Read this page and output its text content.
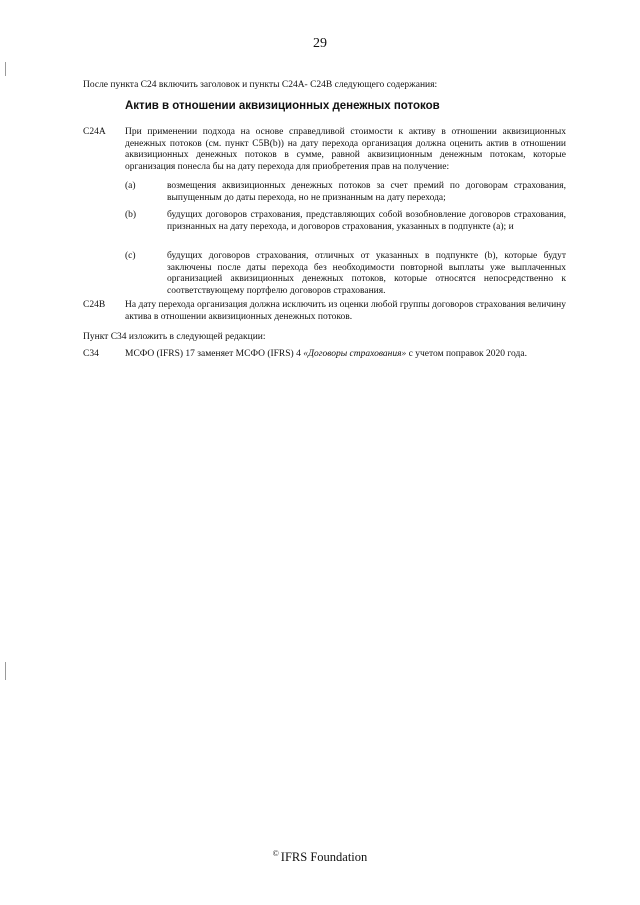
29
После пункта С24 включить заголовок и пункты С24А- С24В следующего содержания:
Актив в отношении аквизиционных денежных потоков
С24А	При применении подхода на основе справедливой стоимости к активу в отношении аквизиционных денежных потоков (см. пункт С5В(b)) на дату перехода организация должна оценить актив в отношении аквизиционных денежных потоков в сумме, равной аквизиционным денежным потокам, которые организация понесла бы на дату перехода для приобретения прав на получение:
(а)	возмещения аквизиционных денежных потоков за счет премий по договорам страхования, выпущенным до даты перехода, но не признанным на дату перехода;
(b)	будущих договоров страхования, представляющих собой возобновление договоров страхования, признанных на дату перехода, и договоров страхования, указанных в подпункте (а); и
(с)	будущих договоров страхования, отличных от указанных в подпункте (b), которые будут заключены после даты перехода без необходимости повторной выплаты уже выплаченных организацией аквизиционных денежных потоков, которые относятся непосредственно к соответствующему портфелю договоров страхования.
С24В	На дату перехода организация должна исключить из оценки любой группы договоров страхования величину актива в отношении аквизиционных денежных потоков.
Пункт С34 изложить в следующей редакции:
С34	МСФО (IFRS) 17 заменяет МСФО (IFRS) 4 «Договоры страхования» с учетом поправок 2020 года.
© IFRS Foundation
